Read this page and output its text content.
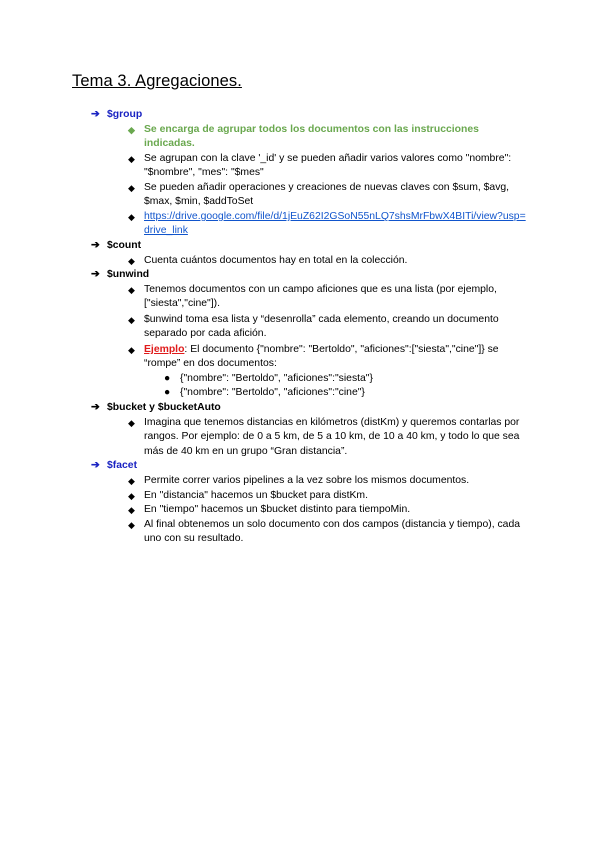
Tema 3. Agregaciones.
➔ $group
◆ Se encarga de agrupar todos los documentos con las instrucciones indicadas.
◆ Se agrupan con la clave '_id' y se pueden añadir varios valores como "nombre": "$nombre", "mes": "$mes"
◆ Se pueden añadir operaciones y creaciones de nuevas claves con $sum, $avg, $max, $min, $addToSet
◆ https://drive.google.com/file/d/1jEuZ62I2GSoN55nLQ7shsMrFbwX4BITi/view?usp=drive_link
➔ $count
◆ Cuenta cuántos documentos hay en total en la colección.
➔ $unwind
◆ Tenemos documentos con un campo aficiones que es una lista (por ejemplo, ["siesta","cine"]).
◆ $unwind toma esa lista y “desenrolla” cada elemento, creando un documento separado por cada afición.
◆ Ejemplo: El documento {"nombre": "Bertoldo", "aficiones":["siesta","cine"]} se “rompe” en dos documentos:
● {"nombre": "Bertoldo", "aficiones":"siesta"}
● {"nombre": "Bertoldo", "aficiones":"cine"}
➔ $bucket y $bucketAuto
◆ Imagina que tenemos distancias en kilómetros (distKm) y queremos contarlas por rangos. Por ejemplo: de 0 a 5 km, de 5 a 10 km, de 10 a 40 km, y todo lo que sea más de 40 km en un grupo “Gran distancia”.
➔ $facet
◆ Permite correr varios pipelines a la vez sobre los mismos documentos.
◆ En "distancia" hacemos un $bucket para distKm.
◆ En "tiempo" hacemos un $bucket distinto para tiempoMin.
◆ Al final obtenemos un solo documento con dos campos (distancia y tiempo), cada uno con su resultado.
